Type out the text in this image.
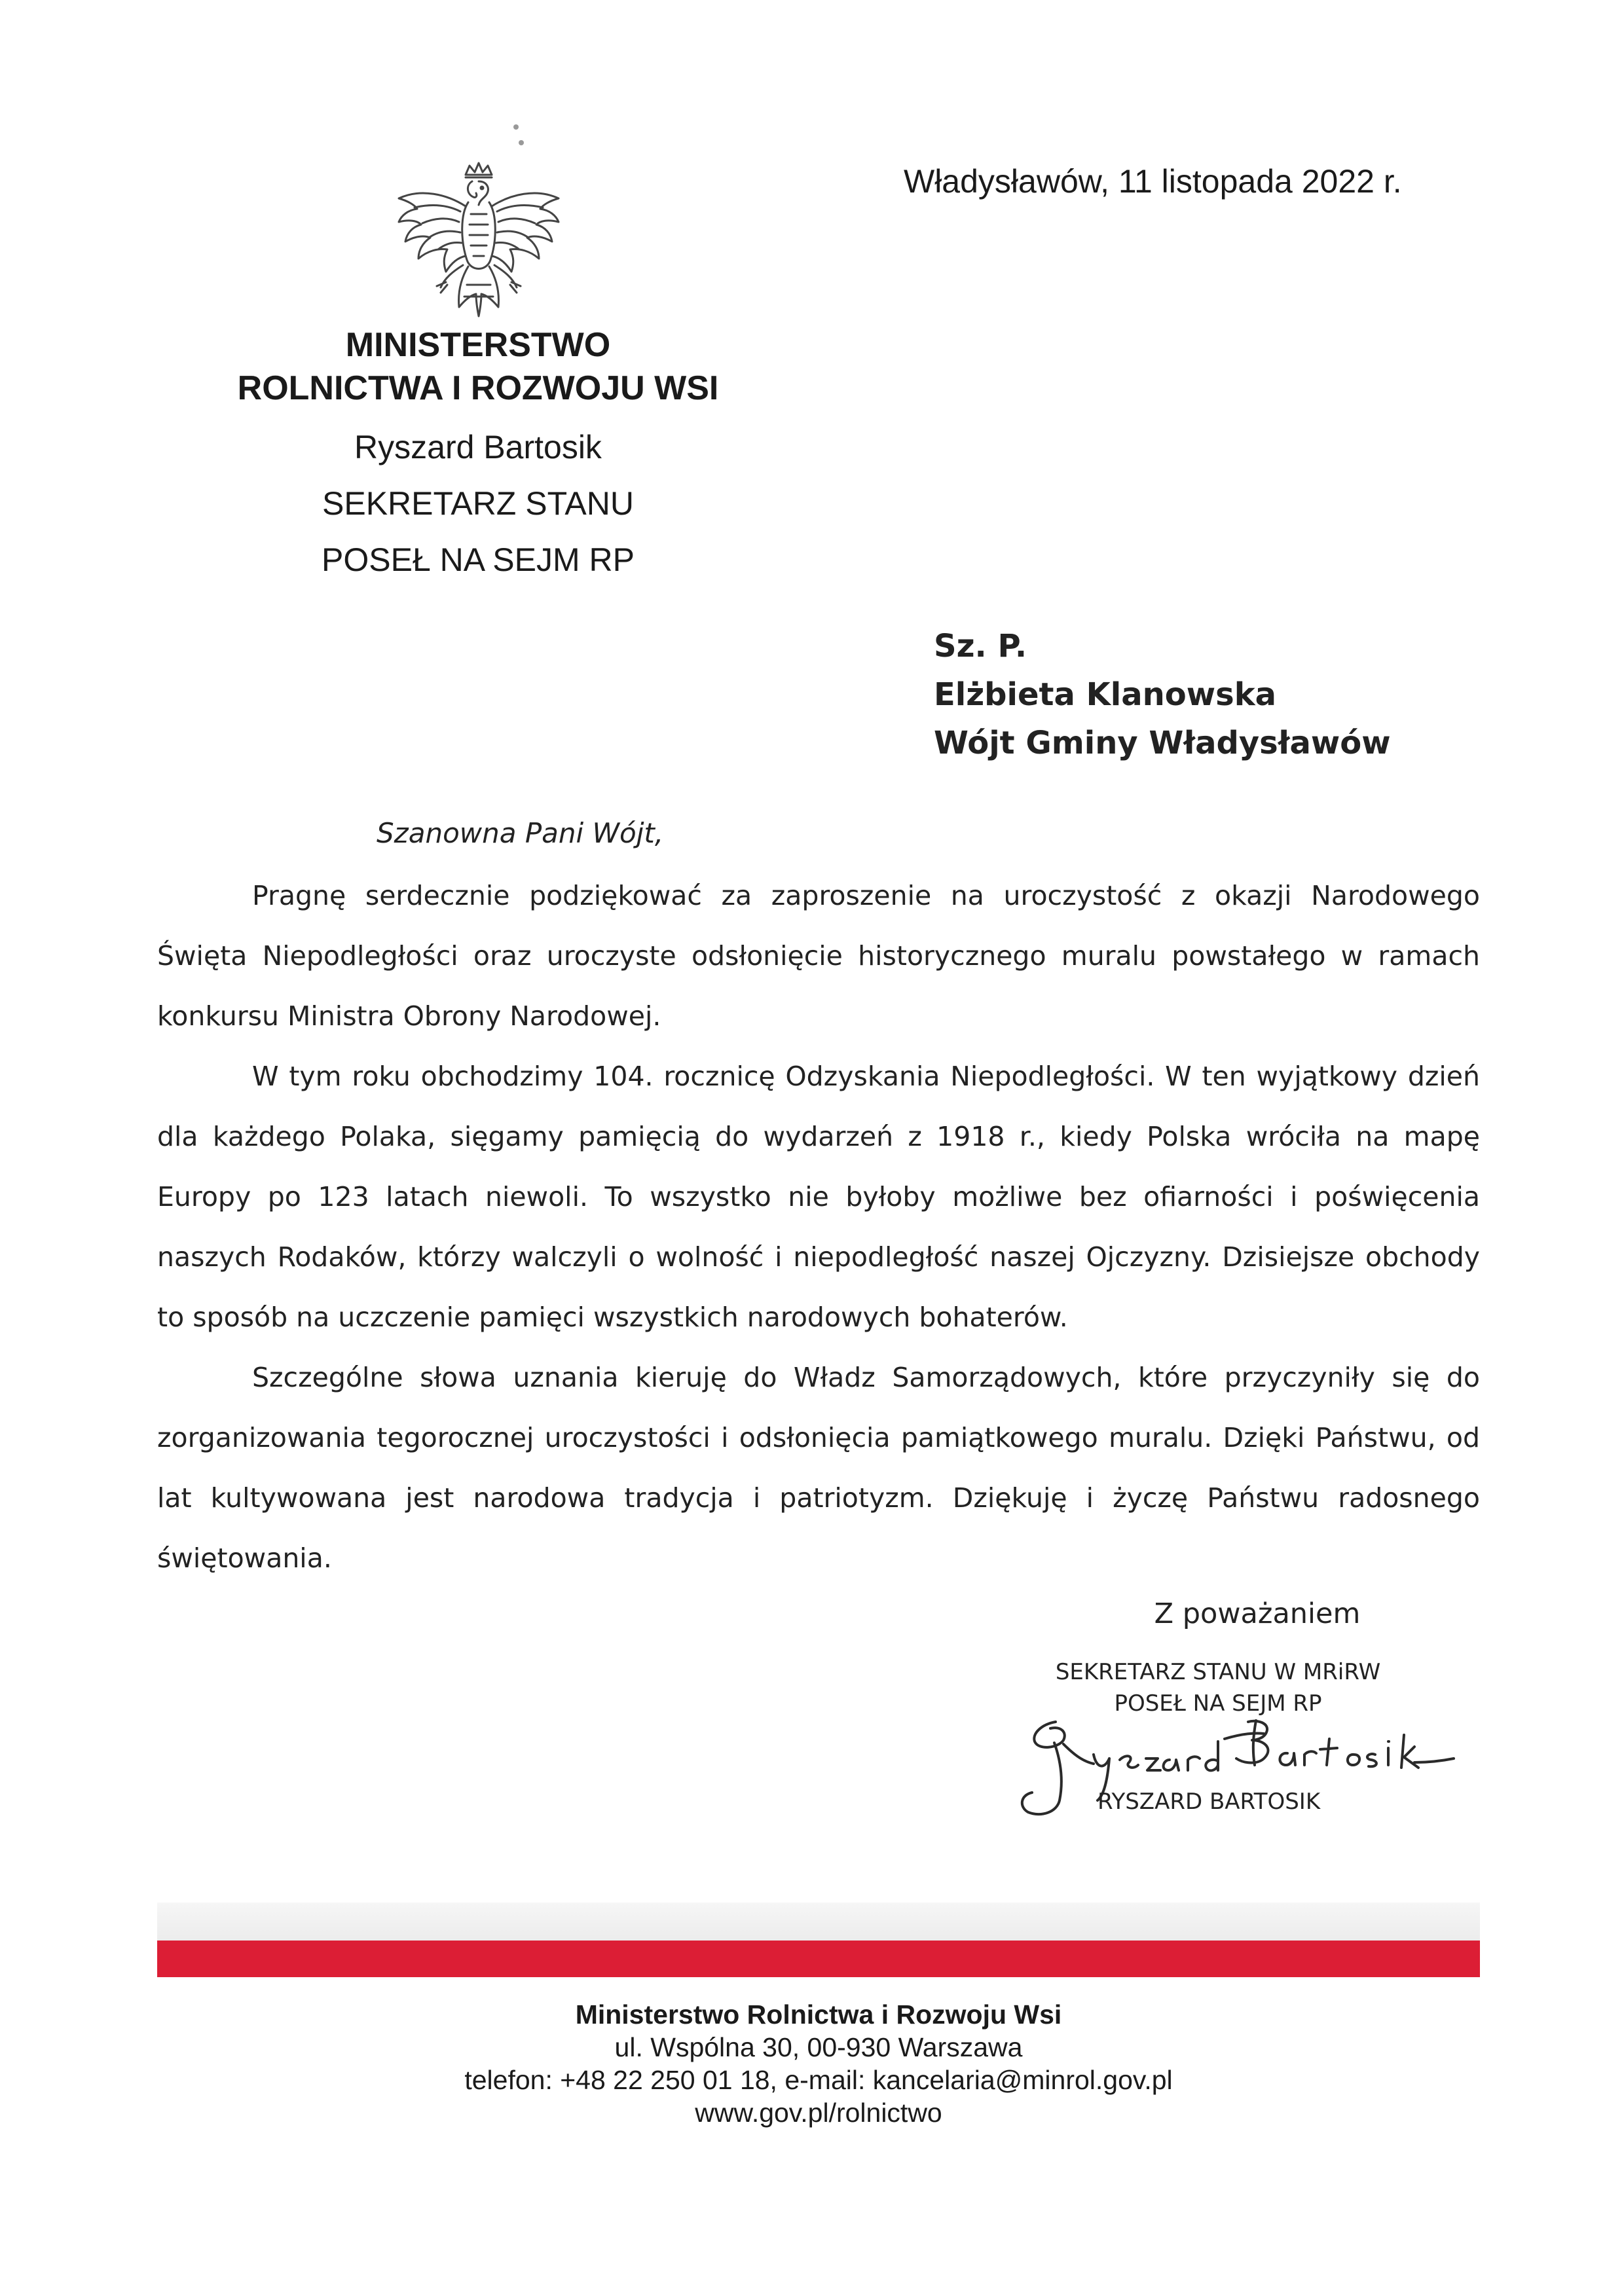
Władysławów, 11 listopada 2022 r.
MINISTERSTWO
ROLNICTWA I ROZWOJU WSI
Ryszard Bartosik
SEKRETARZ STANU
POSEŁ NA SEJM RP
Sz. P.
Elżbieta Klanowska
Wójt Gminy Władysławów
Szanowna Pani Wójt,

Pragnę serdecznie podziękować za zaproszenie na uroczystość z okazji Narodowego Święta Niepodległości oraz uroczyste odsłonięcie historycznego muralu powstałego w ramach konkursu Ministra Obrony Narodowej.

W tym roku obchodzimy 104. rocznicę Odzyskania Niepodległości. W ten wyjątkowy dzień dla każdego Polaka, sięgamy pamięcią do wydarzeń z 1918 r., kiedy Polska wróciła na mapę Europy po 123 latach niewoli. To wszystko nie byłoby możliwe bez ofiarności i poświęcenia naszych Rodaków, którzy walczyli o wolność i niepodległość naszej Ojczyzny. Dzisiejsze obchody to sposób na uczczenie pamięci wszystkich narodowych bohaterów.

Szczególne słowa uznania kieruję do Władz Samorządowych, które przyczyniły się do zorganizowania tegorocznej uroczystości i odsłonięcia pamiątkowego muralu. Dzięki Państwu, od lat kultywowana jest narodowa tradycja i patriotyzm. Dziękuję i życzę Państwu radosnego świętowania.

Z poważaniem
SEKRETARZ STANU W MRiRW
POSEŁ NA SEJM RP
RYSZARD BARTOSIK
Ministerstwo Rolnictwa i Rozwoju Wsi
ul. Wspólna 30, 00-930 Warszawa
telefon: +48 22 250 01 18, e-mail: kancelaria@minrol.gov.pl
www.gov.pl/rolnictwo
